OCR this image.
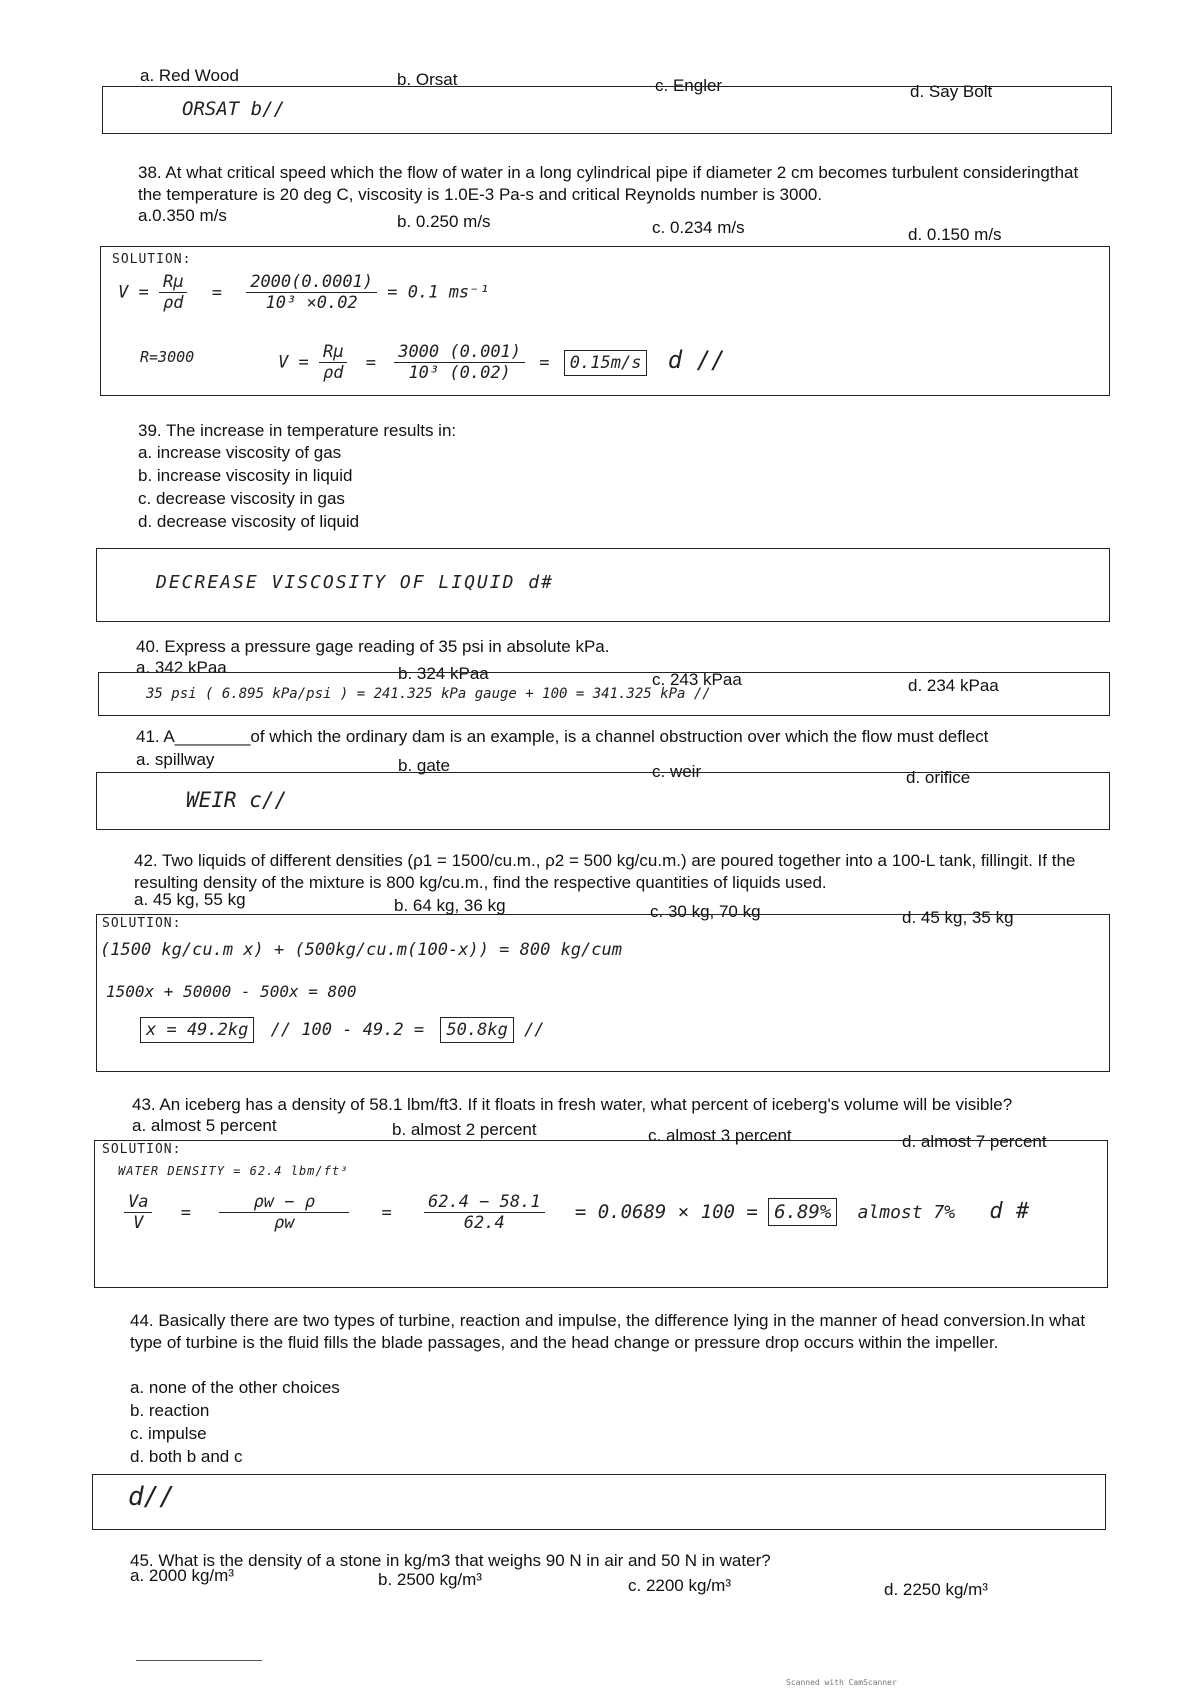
a. Red Wood	b. Orsat	c. Engler	d. Say Bolt
ORSAT b//
38. At what critical speed which the flow of water in a long cylindrical pipe if diameter 2 cm becomes turbulent consideringthat the temperature is 20 deg C, viscosity is 1.0E-3 Pa-s and critical Reynolds number is 3000.
a.0.350 m/s	b. 0.250 m/s	c. 0.234 m/s	d. 0.150 m/s
SOLUTION:
$V = \frac{R\mu}{\rho d} = \frac{2000(0.0001)}{\text{10³ ×0.02}} = 0.1$ ms⁻¹
R=3000	$V = \frac{R\mu}{\rho d} = \frac{3000 (0.001)}{\text{10³ (0.02)}} = 0.15m/s$ d //
39. The increase in temperature results in:
a. increase viscosity of gas
b. increase viscosity in liquid
c. decrease viscosity in gas
d. decrease viscosity of liquid
DECREASE VISCOSITY OF LIQUID d#
40. Express a pressure gage reading of 35 psi in absolute kPa.
a. 342 kPaa	b. 324 kPaa	c. 243 kPaa	d. 234 kPaa
35 psi ( 6.895 kPa/psi ) = 241.325 kPa gauge + 100 = 341.325 kPa //
41. A________of which the ordinary dam is an example, is a channel obstruction over which the flow must deflect
a. spillway	b. gate	c. weir	d. orifice
WEIR c//
42. Two liquids of different densities (ρ1 = 1500/cu.m., ρ2 = 500 kg/cu.m.) are poured together into a 100-L tank, fillingit. If the resulting density of the mixture is 800 kg/cu.m., find the respective quantities of liquids used.
a. 45 kg, 55 kg	b. 64 kg, 36 kg	c. 30 kg, 70 kg	d. 45 kg, 35 kg
SOLUTION:
(1500 kg/cu.m x) + (500kg/cu.m(100-x)) = 800 kg/cum
1500x + 50000 - 500x = 800
x = 49.2kg // 100 - 49.2 = 50.8kg //
43. An iceberg has a density of 58.1 lbm/ft3. If it floats in fresh water, what percent of iceberg's volume will be visible?
a. almost 5 percent	b. almost 2 percent	c. almost 3 percent	d. almost 7 percent
SOLUTION:
WATER DENSITY = 62.4 lbm/ft³
$\frac{Va}{V} = \frac{\rho w - \rho}{\rho w} = \frac{62.4 - 58.1}{62.4} = 0.0689 \times 100 = 6.89\%$ almost 7% d #
44. Basically there are two types of turbine, reaction and impulse, the difference lying in the manner of head conversion.In what type of turbine is the fluid fills the blade passages, and the head change or pressure drop occurs within the impeller.
a. none of the other choices
b. reaction
c. impulse
d. both b and c
d//
45. What is the density of a stone in kg/m3 that weighs 90 N in air and 50 N in water?
a. 2000 kg/m³	b. 2500 kg/m³	c. 2200 kg/m³	d. 2250 kg/m³
Scanned with CamScanner
